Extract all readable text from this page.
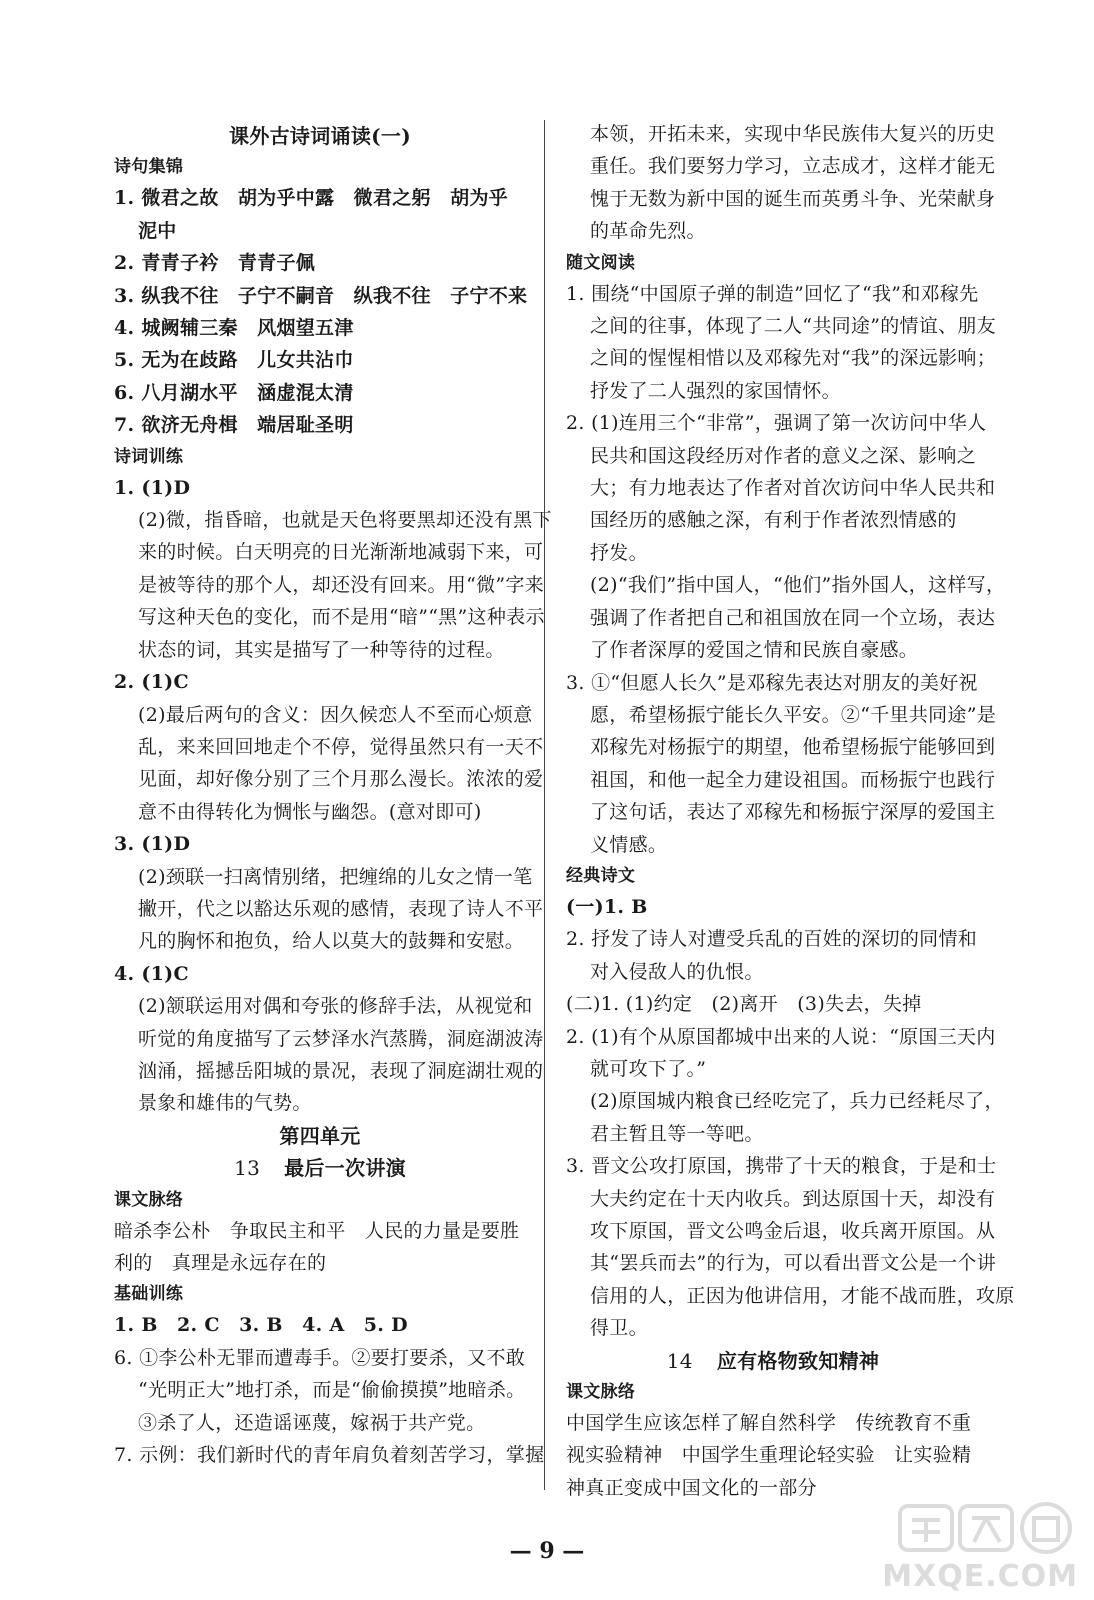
课外古诗词诵读(一)

诗句集锦

1. 微君之故　胡为乎中露　微君之躬　胡为乎

泥中

2. 青青子衿　青青子佩

3. 纵我不往　子宁不嗣音　纵我不往　子宁不来

4. 城阙辅三秦　风烟望五津

5. 无为在歧路　儿女共沾巾

6. 八月湖水平　涵虚混太清

7. 欲济无舟楫　端居耻圣明

诗词训练

1. (1)D

(2)微，指昏暗，也就是天色将要黑却还没有黑下

来的时候。白天明亮的日光渐渐地减弱下来，可

是被等待的那个人，却还没有回来。用“微”字来

写这种天色的变化，而不是用“暗”“黑”这种表示

状态的词，其实是描写了一种等待的过程。

2. (1)C

(2)最后两句的含义：因久候恋人不至而心烦意

乱，来来回回地走个不停，觉得虽然只有一天不

见面，却好像分别了三个月那么漫长。浓浓的爱

意不由得转化为惆怅与幽怨。(意对即可)

3. (1)D

(2)颈联一扫离情别绪，把缠绵的儿女之情一笔

撇开，代之以豁达乐观的感情，表现了诗人不平

凡的胸怀和抱负，给人以莫大的鼓舞和安慰。

4. (1)C

(2)颔联运用对偶和夸张的修辞手法，从视觉和

听觉的角度描写了云梦泽水汽蒸腾，洞庭湖波涛

汹涌，摇撼岳阳城的景况，表现了洞庭湖壮观的

景象和雄伟的气势。

第四单元

13 最后一次讲演

课文脉络

暗杀李公朴　争取民主和平　人民的力量是要胜

利的　真理是永远存在的

基础训练

1. B　2. C　3. B　4. A　5. D

6. ①李公朴无罪而遭毒手。②要打要杀，又不敢

“光明正大”地打杀，而是“偷偷摸摸”地暗杀。

③杀了人，还造谣诬蔑，嫁祸于共产党。

7. 示例：我们新时代的青年肩负着刻苦学习，掌握

本领，开拓未来，实现中华民族伟大复兴的历史

重任。我们要努力学习，立志成才，这样才能无

愧于无数为新中国的诞生而英勇斗争、光荣献身

的革命先烈。

随文阅读

1. 围绕“中国原子弹的制造”回忆了“我”和邓稼先

之间的往事，体现了二人“共同途”的情谊、朋友

之间的惺惺相惜以及邓稼先对“我”的深远影响；

抒发了二人强烈的家国情怀。

2. (1)连用三个“非常”，强调了第一次访问中华人

民共和国这段经历对作者的意义之深、影响之

大；有力地表达了作者对首次访问中华人民共和

国经历的感触之深，有利于作者浓烈情感的

抒发。

(2)“我们”指中国人，“他们”指外国人，这样写，

强调了作者把自己和祖国放在同一个立场，表达

了作者深厚的爱国之情和民族自豪感。

3. ①“但愿人长久”是邓稼先表达对朋友的美好祝

愿，希望杨振宁能长久平安。②“千里共同途”是

邓稼先对杨振宁的期望，他希望杨振宁能够回到

祖国，和他一起全力建设祖国。而杨振宁也践行

了这句话，表达了邓稼先和杨振宁深厚的爱国主

义情感。

经典诗文

(一)1. B

2. 抒发了诗人对遭受兵乱的百姓的深切的同情和

对入侵敌人的仇恨。

(二)1. (1)约定　(2)离开　(3)失去，失掉

2. (1)有个从原国都城中出来的人说：“原国三天内

就可攻下了。”

(2)原国城内粮食已经吃完了，兵力已经耗尽了，

君主暂且等一等吧。

3. 晋文公攻打原国，携带了十天的粮食，于是和士

大夫约定在十天内收兵。到达原国十天，却没有

攻下原国，晋文公鸣金后退，收兵离开原国。从

其“罢兵而去”的行为，可以看出晋文公是一个讲

信用的人，正因为他讲信用，才能不战而胜，攻原

得卫。

14 应有格物致知精神

课文脉络

中国学生应该怎样了解自然科学　传统教育不重

视实验精神　中国学生重理论轻实验　让实验精

神真正变成中国文化的一部分

— 9 —
MXQE.COM
